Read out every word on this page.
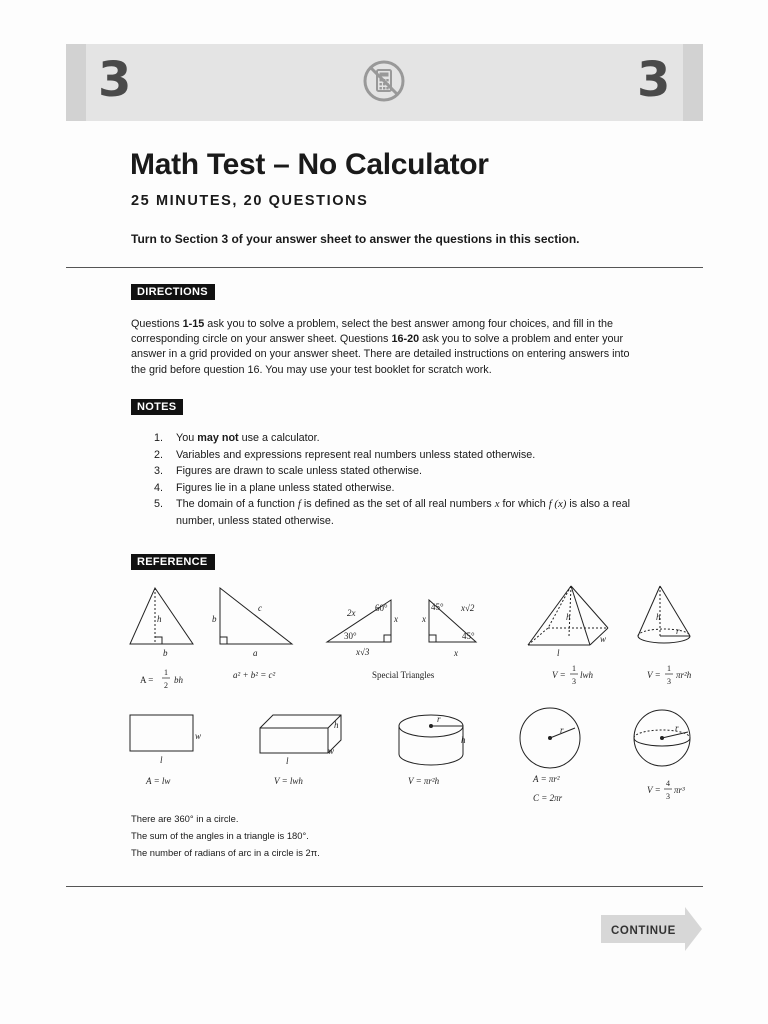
3	3
Math Test – No Calculator
25 MINUTES, 20 QUESTIONS
Turn to Section 3 of your answer sheet to answer the questions in this section.
DIRECTIONS
Questions 1-15 ask you to solve a problem, select the best answer among four choices, and fill in the corresponding circle on your answer sheet. Questions 16-20 ask you to solve a problem and enter your answer in a grid provided on your answer sheet. There are detailed instructions on entering answers into the grid before question 16. You may use your test booklet for scratch work.
NOTES
1. You may not use a calculator.
2. Variables and expressions represent real numbers unless stated otherwise.
3. Figures are drawn to scale unless stated otherwise.
4. Figures lie in a plane unless stated otherwise.
5. The domain of a function f is defined as the set of all real numbers x for which f (x) is also a real number, unless stated otherwise.
REFERENCE
h
b
A =
1
2
bh
c
b
a
a² + b² = c²
2x 60°
30°
x
x√3
45°
45°
x√2
x
x
Special Triangles
h
w
l
V =
1
3
lwh
h
r
V =
1
3
πr²h
w
l
A = lw
h
w
l
V = lwh
r
h
V = πr²h
r
A = πr²
C = 2πr
r
V =
4
3
πr³
There are 360° in a circle.
The sum of the angles in a triangle is 180°.
The number of radians of arc in a circle is 2π.
CONTINUE
